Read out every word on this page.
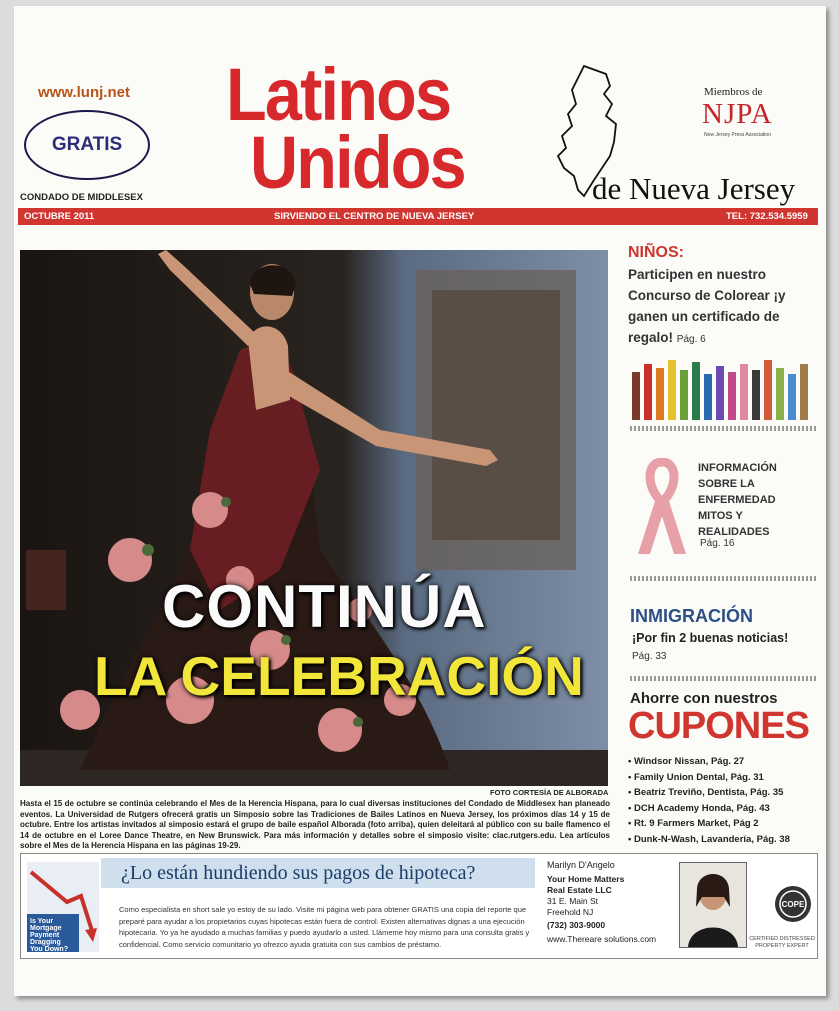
www.lunj.net
GRATIS
CONDADO DE MIDDLESEX
Latinos
Unidos	de Nueva Jersey
Miembros de
NJPA
New Jersey Press Association
OCTUBRE 2011	SIRVIENDO EL CENTRO DE NUEVA JERSEY	TEL: 732.534.5959
CONTINÚA
LA CELEBRACIÓN
FOTO CORTESÍA DE ALBORADA
Hasta el 15 de octubre se continúa celebrando el Mes de la Herencia Hispana, para lo cual diversas instituciones del Condado de Middlesex han planeado eventos. La Universidad de Rutgers ofrecerá gratis un Simposio sobre las Tradiciones de Bailes Latinos en Nueva Jersey, los próximos días 14 y 15 de octubre. Entre los artistas invitados al simposio estará el grupo de baile español Alborada (foto arriba), quien deleitará al público con su baile flamenco el 14 de octubre en el Loree Dance Theatre, en New Brunswick. Para más información y detalles sobre el simposio visite: clac.rutgers.edu. Lea artículos sobre el Mes de la Herencia Hispana en las páginas 19-29.
NIÑOS:
Participen en nuestro Concurso de Colorear ¡y ganen un certificado de regalo! Pág. 6
INFORMACIÓN
SOBRE LA
ENFERMEDAD
MITOS Y
REALIDADES
Pág. 16
INMIGRACIÓN
¡Por fin 2 buenas noticias!
Pág. 33
Ahorre con nuestros
CUPONES
• Windsor Nissan, Pág. 27
• Family Union Dental, Pág. 31
• Beatriz Treviño, Dentista, Pág. 35
• DCH Academy Honda, Pág. 43
• Rt. 9 Farmers Market, Pág 2
• Dunk-N-Wash, Lavandería, Pág. 38
Is Your
Mortgage
Payment
Dragging
You Down?
¿Lo están hundiendo sus pagos de hipoteca?
Como especialista en short sale yo estoy de su lado. Visite mi página web para obtener GRATIS una copia del reporte que preparé para ayudar a los propietarios cuyas hipotecas están fuera de control. Existen alternativas dignas a una ejecución hipotecaria. Yo ya he ayudado a muchas familias y puedo ayudarlo a usted. Llámeme hoy mismo para una consulta gratis y confidencial. Como servicio comunitario yo ofrezco ayuda gratuita con sus cambios de préstamo.
Marilyn D'Angelo
Your Home Matters
Real Estate LLC
31 E. Main St
Freehold NJ
(732) 303-9000
www.Thereare solutions.com
COPE
CERTIFIED DISTRESSED PROPERTY EXPERT
